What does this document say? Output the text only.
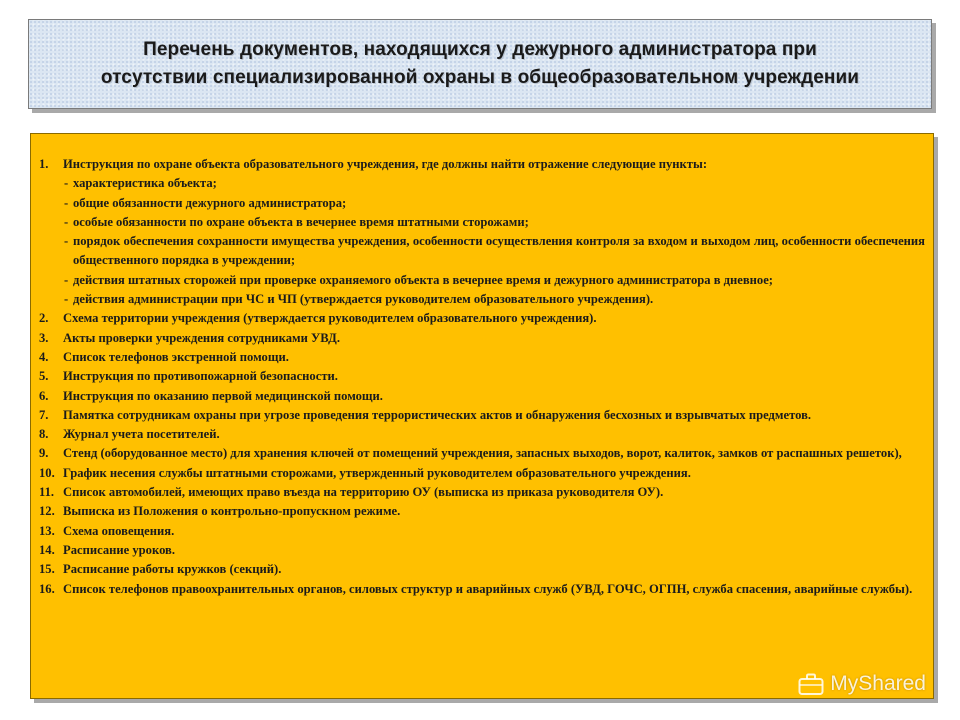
Перечень документов, находящихся у дежурного администратора при
отсутствии специализированной охраны в общеобразовательном учреждении
1.	Инструкция по охране объекта образовательного учреждения, где должны найти отражение следующие пункты:
- характеристика объекта;
- общие обязанности дежурного администратора;
- особые обязанности по охране объекта в вечернее время штатными сторожами;
- порядок обеспечения сохранности имущества учреждения, особенности осуществления контроля за входом и выходом лиц, особенности обеспечения общественного порядка в учреждении;
- действия штатных сторожей при проверке охраняемого объекта в вечернее время и дежурного администратора в дневное;
- действия администрации при ЧС и ЧП (утверждается руководителем образовательного учреждения).
2.	Схема территории учреждения (утверждается руководителем образовательного учреждения).
3.	Акты проверки учреждения сотрудниками УВД.
4.	Список телефонов экстренной помощи.
5.	Инструкция по противопожарной безопасности.
6.	Инструкция по оказанию первой медицинской помощи.
7.	Памятка сотрудникам охраны при угрозе проведения террористических актов и обнаружения бесхозных и взрывчатых предметов.
8.	Журнал учета посетителей.
9.	Стенд (оборудованное место) для хранения ключей от помещений учреждения, запасных выходов, ворот, калиток, замков от распашных решеток),
10. График несения службы штатными сторожами, утвержденный руководителем образовательного учреждения.
11. Список автомобилей, имеющих право въезда на территорию ОУ (выписка из приказа руководителя ОУ).
12. Выписка из Положения о контрольно-пропускном режиме.
13. Схема оповещения.
14. Расписание уроков.
15. Расписание работы кружков (секций).
16. Список телефонов правоохранительных органов, силовых структур и аварийных служб (УВД, ГОЧС, ОГПН, служба спасения, аварийные службы).
MyShared
